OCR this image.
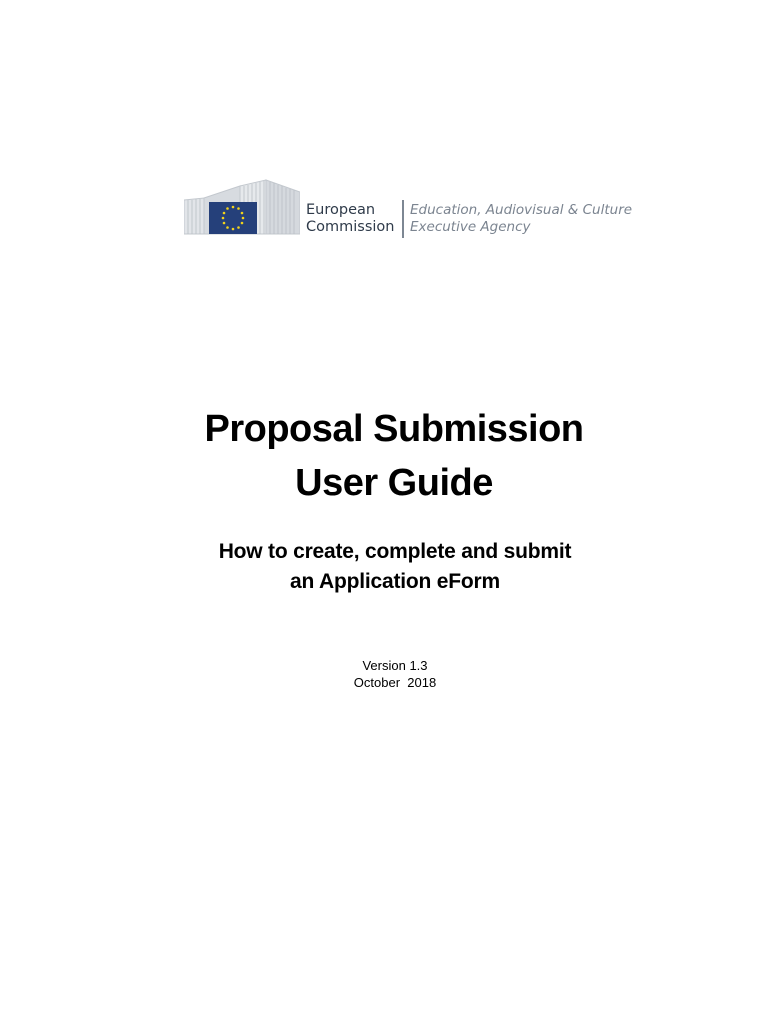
European
Commission
Education, Audiovisual & Culture
Executive Agency
Proposal Submission
User Guide
How to create, complete and submit
an Application eForm
Version 1.3
October  2018
